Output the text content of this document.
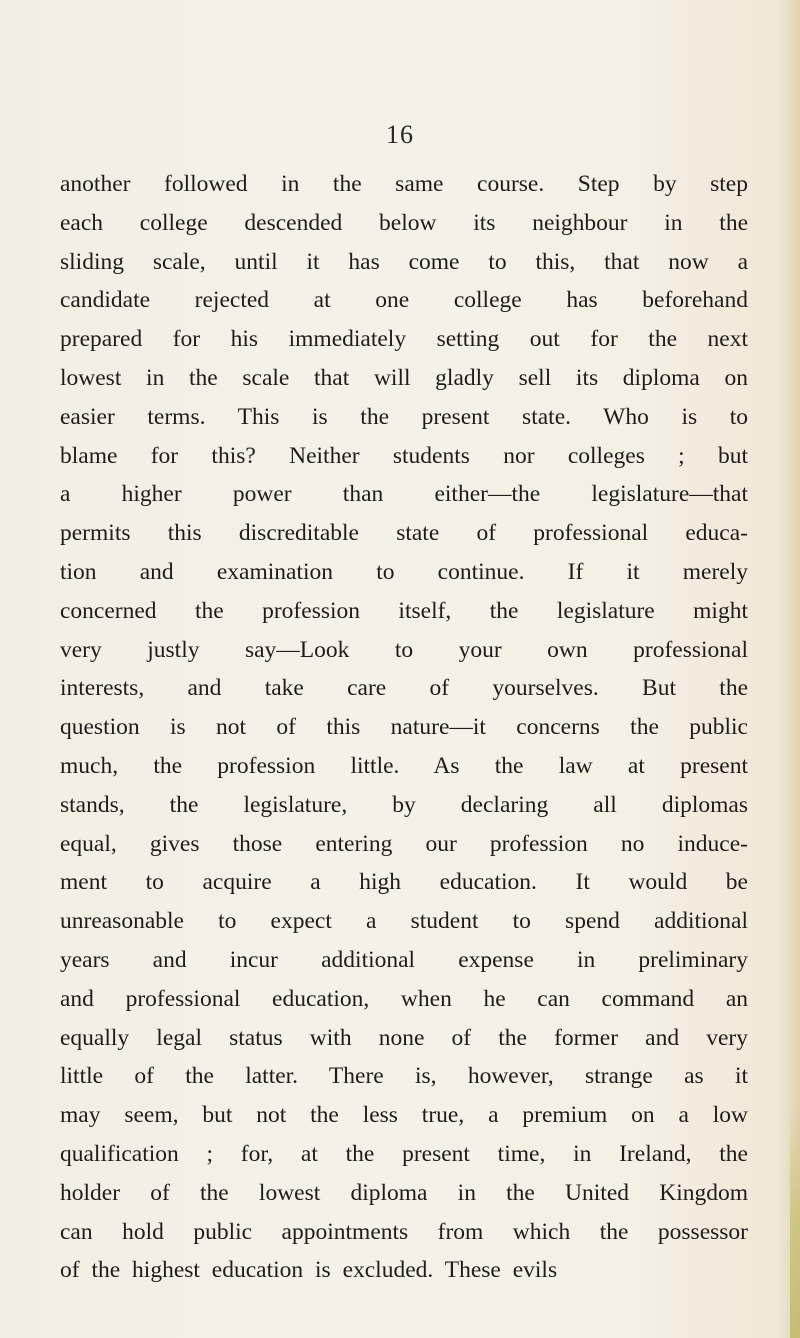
16
another followed in the same course. Step by step
each college descended below its neighbour in the
sliding scale, until it has come to this, that now a
candidate rejected at one college has beforehand
prepared for his immediately setting out for the next
lowest in the scale that will gladly sell its diploma on
easier terms. This is the present state. Who is to
blame for this? Neither students nor colleges ; but
a higher power than either—the legislature—that
permits this discreditable state of professional educa-
tion and examination to continue. If it merely
concerned the profession itself, the legislature might
very justly say—Look to your own professional
interests, and take care of yourselves. But the
question is not of this nature—it concerns the public
much, the profession little. As the law at present
stands, the legislature, by declaring all diplomas
equal, gives those entering our profession no induce-
ment to acquire a high education. It would be
unreasonable to expect a student to spend additional
years and incur additional expense in preliminary
and professional education, when he can command an
equally legal status with none of the former and very
little of the latter. There is, however, strange as it
may seem, but not the less true, a premium on a low
qualification ; for, at the present time, in Ireland, the
holder of the lowest diploma in the United Kingdom
can hold public appointments from which the possessor
of the highest education is excluded. These evils
